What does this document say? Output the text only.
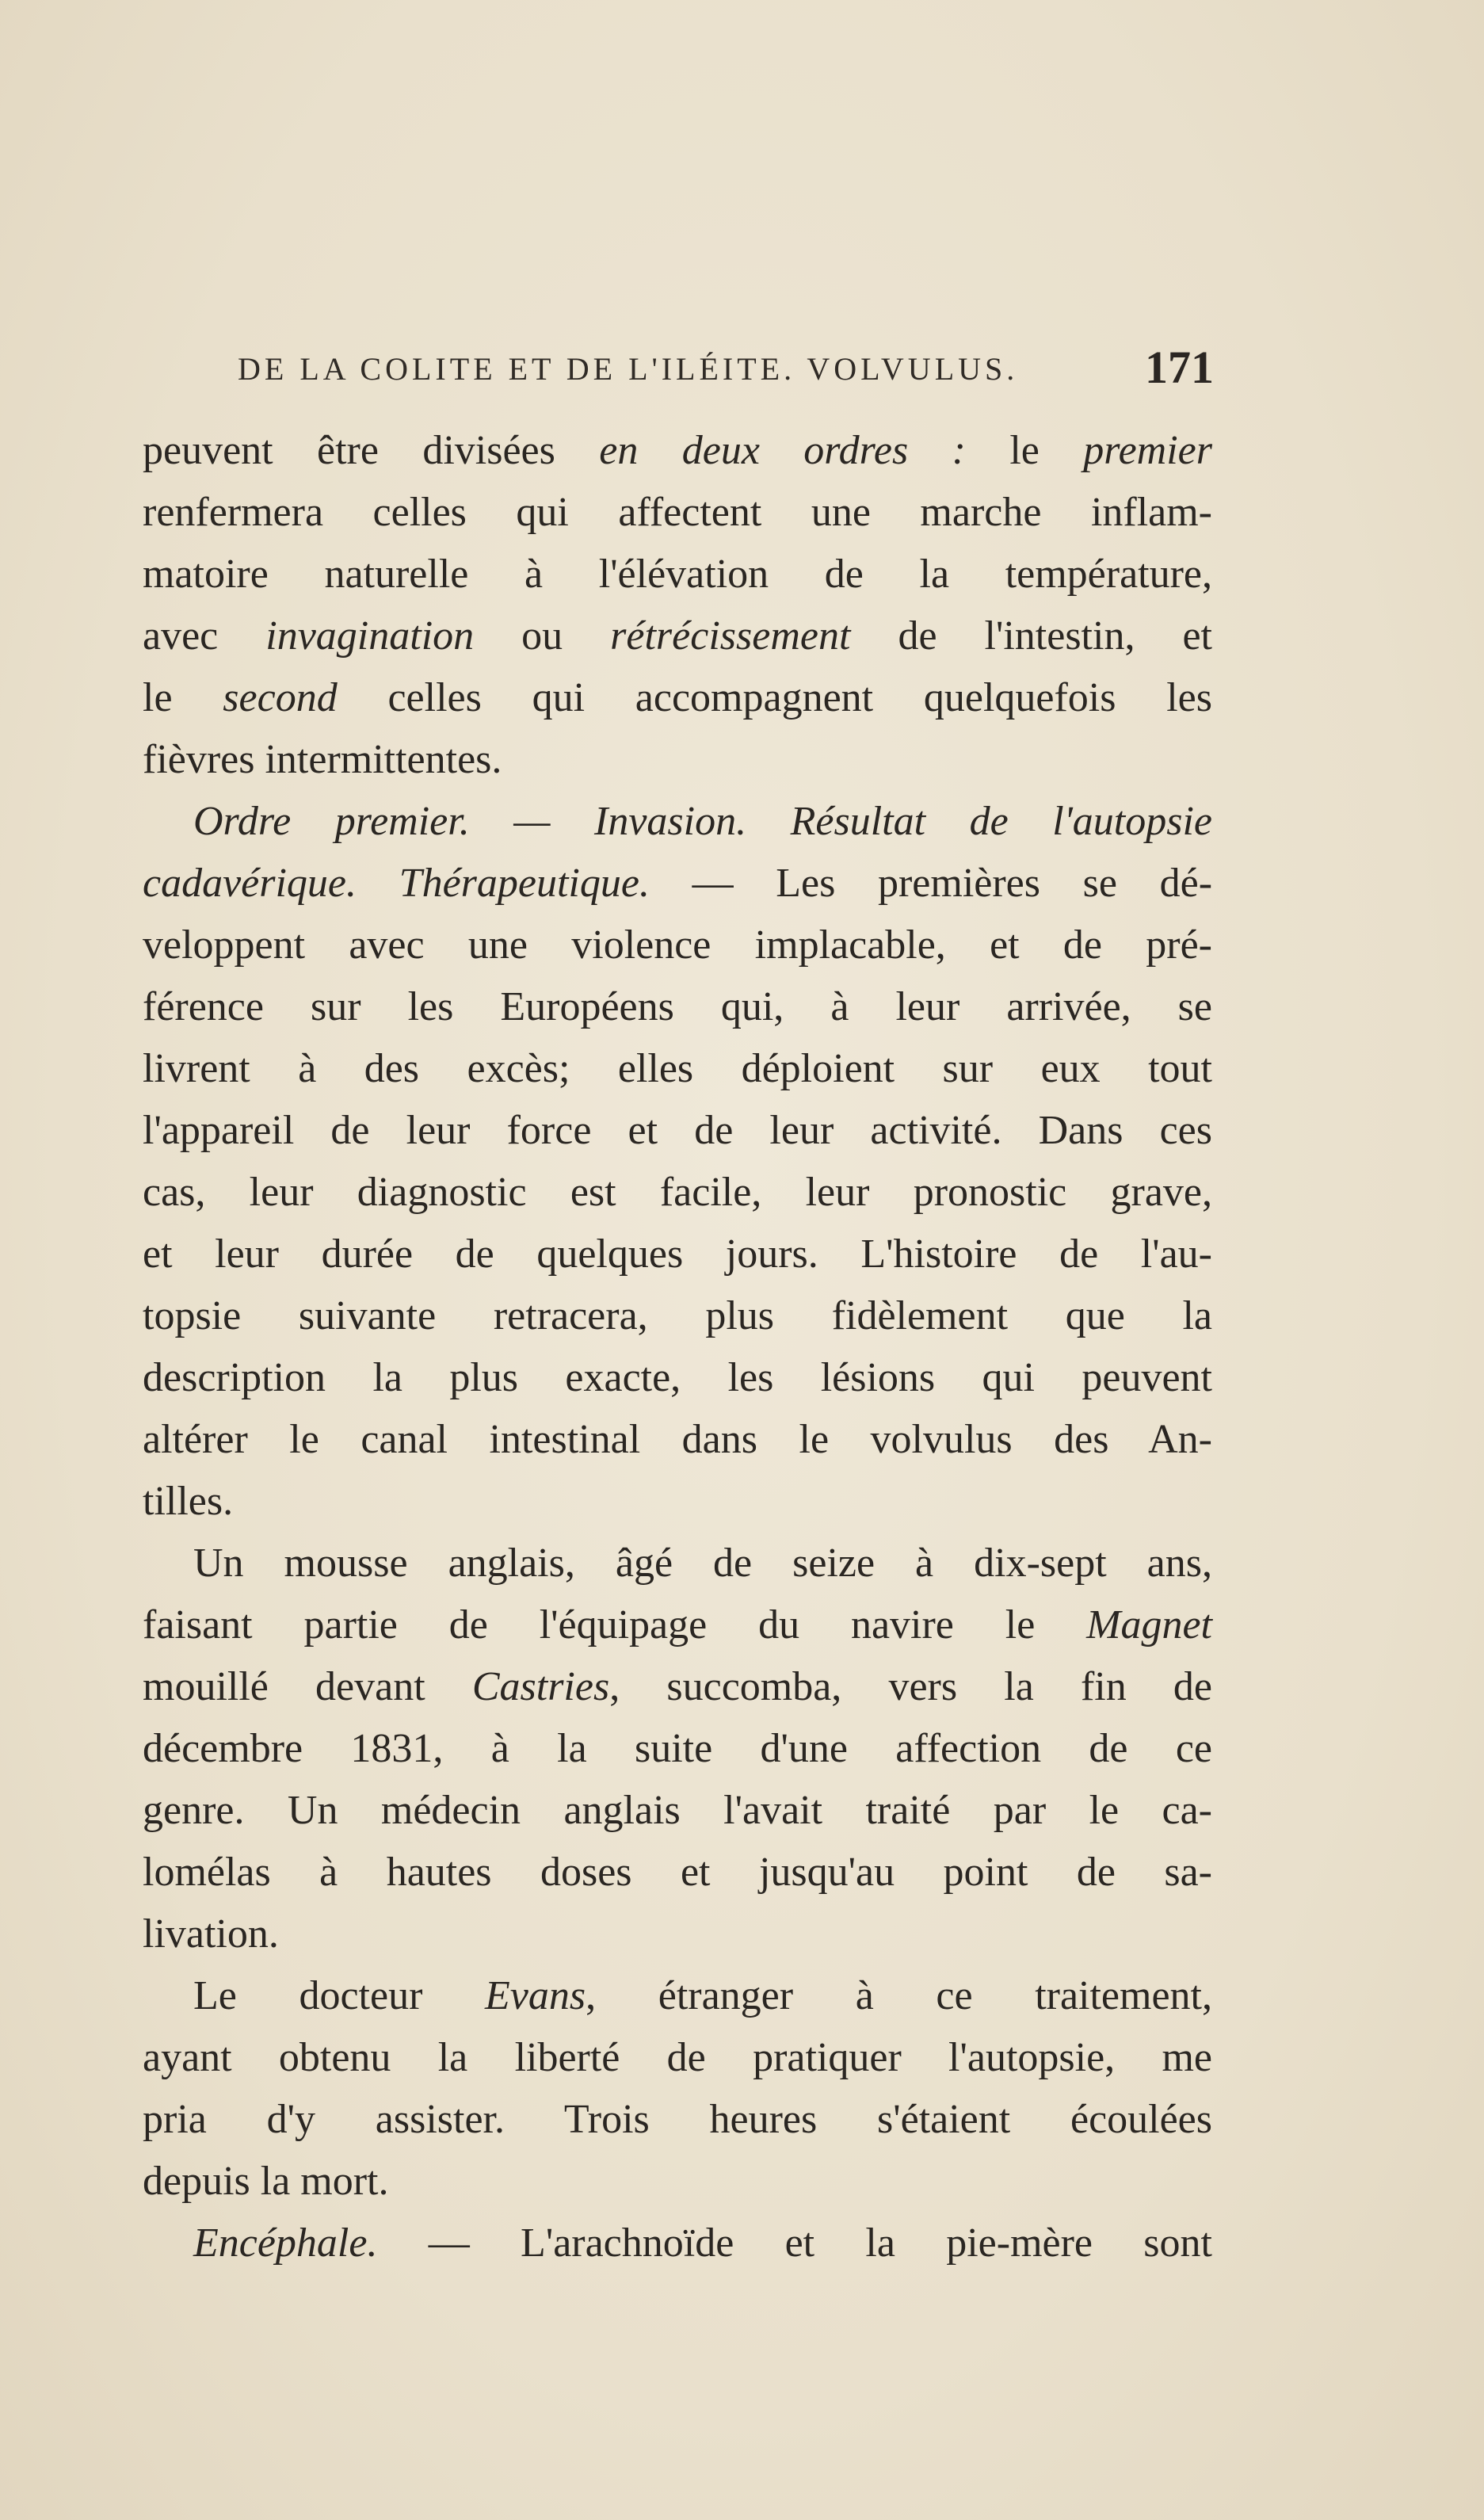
DE LA COLITE ET DE L'ILÉITE. VOLVULUS.	171

peuvent être divisées en deux ordres : le premier

renfermera celles qui affectent une marche inflam-

matoire naturelle à l'élévation de la température,

avec invagination ou rétrécissement de l'intestin, et

le second celles qui accompagnent quelquefois les

fièvres intermittentes.

Ordre premier. — Invasion. Résultat de l'autopsie

cadavérique. Thérapeutique. — Les premières se dé-

veloppent avec une violence implacable, et de pré-

férence sur les Européens qui, à leur arrivée, se

livrent à des excès; elles déploient sur eux tout

l'appareil de leur force et de leur activité. Dans ces

cas, leur diagnostic est facile, leur pronostic grave,

et leur durée de quelques jours. L'histoire de l'au-

topsie suivante retracera, plus fidèlement que la

description la plus exacte, les lésions qui peuvent

altérer le canal intestinal dans le volvulus des An-

tilles.

Un mousse anglais, âgé de seize à dix-sept ans,

faisant partie de l'équipage du navire le Magnet

mouillé devant Castries, succomba, vers la fin de

décembre 1831, à la suite d'une affection de ce

genre. Un médecin anglais l'avait traité par le ca-

lomélas à hautes doses et jusqu'au point de sa-

livation.

Le docteur Evans, étranger à ce traitement,

ayant obtenu la liberté de pratiquer l'autopsie, me

pria d'y assister. Trois heures s'étaient écoulées

depuis la mort.

Encéphale. — L'arachnoïde et la pie-mère sont
